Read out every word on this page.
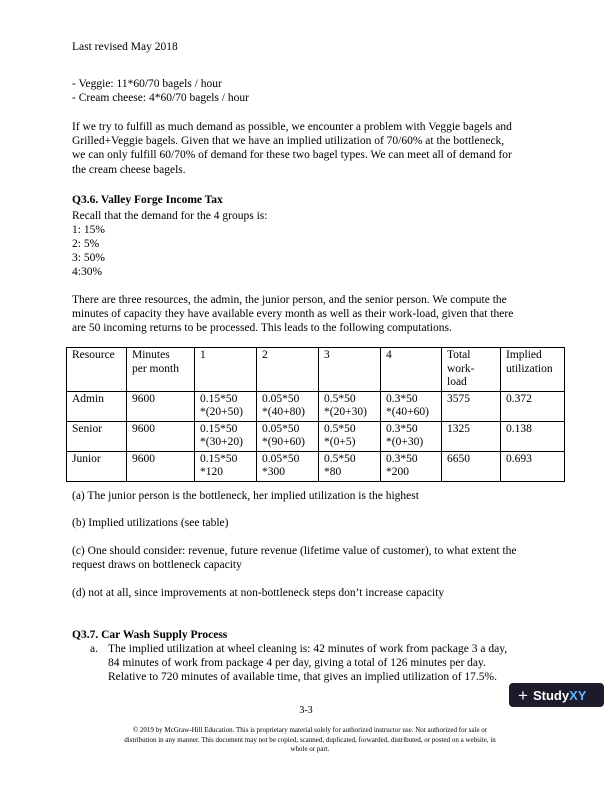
Last revised May 2018
- Veggie: 11*60/70 bagels / hour
- Cream cheese: 4*60/70 bagels / hour
If we try to fulfill as much demand as possible, we encounter a problem with Veggie bagels and
Grilled+Veggie bagels. Given that we have an implied utilization of 70/60% at the bottleneck,
we can only fulfill 60/70% of demand for these two bagel types. We can meet all of demand for
the cream cheese bagels.
Q3.6. Valley Forge Income Tax
Recall that the demand for the 4 groups is:
1: 15%
2: 5%
3: 50%
4:30%
There are three resources, the admin, the junior person, and the senior person. We compute the
minutes of capacity they have available every month as well as their work-load, given that there
are 50 incoming returns to be processed. This leads to the following computations.
Resource	Minutes
per month	1	2	3	4	Total
work-
load	Implied
utilization

Admin	9600	0.15*50
*(20+50)	0.05*50
*(40+80)	0.5*50
*(20+30)	0.3*50
*(40+60)	3575	0.372

Senior	9600	0.15*50
*(30+20)	0.05*50
*(90+60)	0.5*50
*(0+5)	0.3*50
*(0+30)	1325	0.138

Junior	9600	0.15*50
*120	0.05*50
*300	0.5*50
*80	0.3*50
*200	6650	0.693
(a) The junior person is the bottleneck, her implied utilization is the highest
(b) Implied utilizations (see table)
(c) One should consider: revenue, future revenue (lifetime value of customer), to what extent the
request draws on bottleneck capacity
(d) not at all, since improvements at non-bottleneck steps don’t increase capacity
Q3.7. Car Wash Supply Process
a. The implied utilization at wheel cleaning is: 42 minutes of work from package 3 a day,
84 minutes of work from package 4 per day, giving a total of 126 minutes per day.
Relative to 720 minutes of available time, that gives an implied utilization of 17.5%.
3-3
© 2019 by McGraw-Hill Education. This is proprietary material solely for authorized instructor use. Not authorized for sale or
distribution in any manner. This document may not be copied, scanned, duplicated, forwarded, distributed, or posted on a website, in
whole or part.
+ Study XY
